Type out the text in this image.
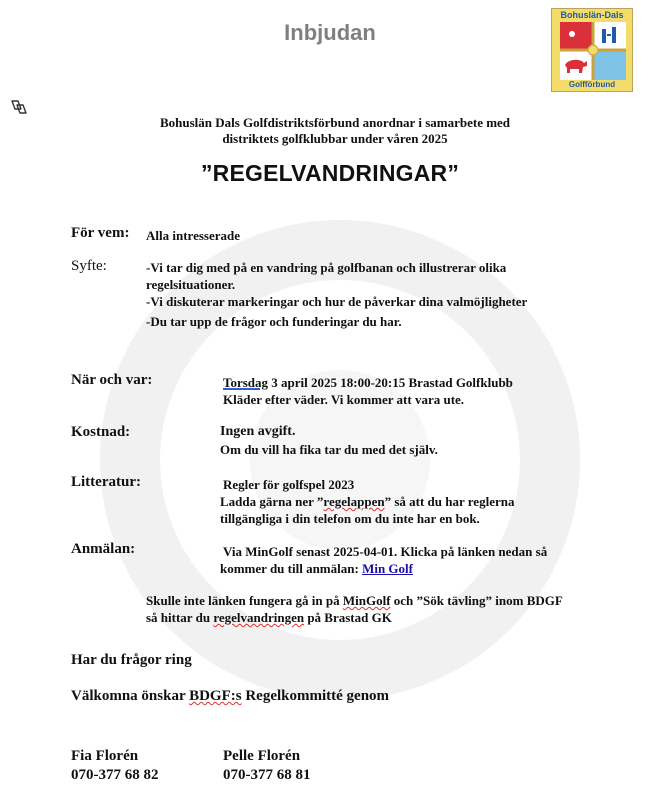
Inbjudan
Bohuslän-Dals
Golfförbund
Bohuslän Dals Golfdistriktsförbund anordnar i samarbete med
distriktets golfklubbar under våren 2025
”REGELVANDRINGAR”
För vem: Alla intresserade
Syfte:	-Vi tar dig med på en vandring på golfbanan och illustrerar olika
regelsituationer.
-Vi diskuterar markeringar och hur de påverkar dina valmöjligheter
-Du tar upp de frågor och funderingar du har.
När och var:	Torsdag 3 april 2025 18:00-20:15 Brastad Golfklubb
Kläder efter väder. Vi kommer att vara ute.
Kostnad:	Ingen avgift.
Om du vill ha fika tar du med det själv.
Litteratur:	Regler för golfspel 2023
Ladda gärna ner ”regelappen” så att du har reglerna
tillgängliga i din telefon om du inte har en bok.
Anmälan:	Via MinGolf senast 2025-04-01. Klicka på länken nedan så
kommer du till anmälan: Min Golf
Skulle inte länken fungera gå in på MinGolf och ”Sök tävling” inom BDGF
så hittar du regelvandringen på Brastad GK
Har du frågor ring
Välkomna önskar BDGF:s Regelkommitté genom
Fia Florén
070-377 68 82
Pelle Florén
070-377 68 81
